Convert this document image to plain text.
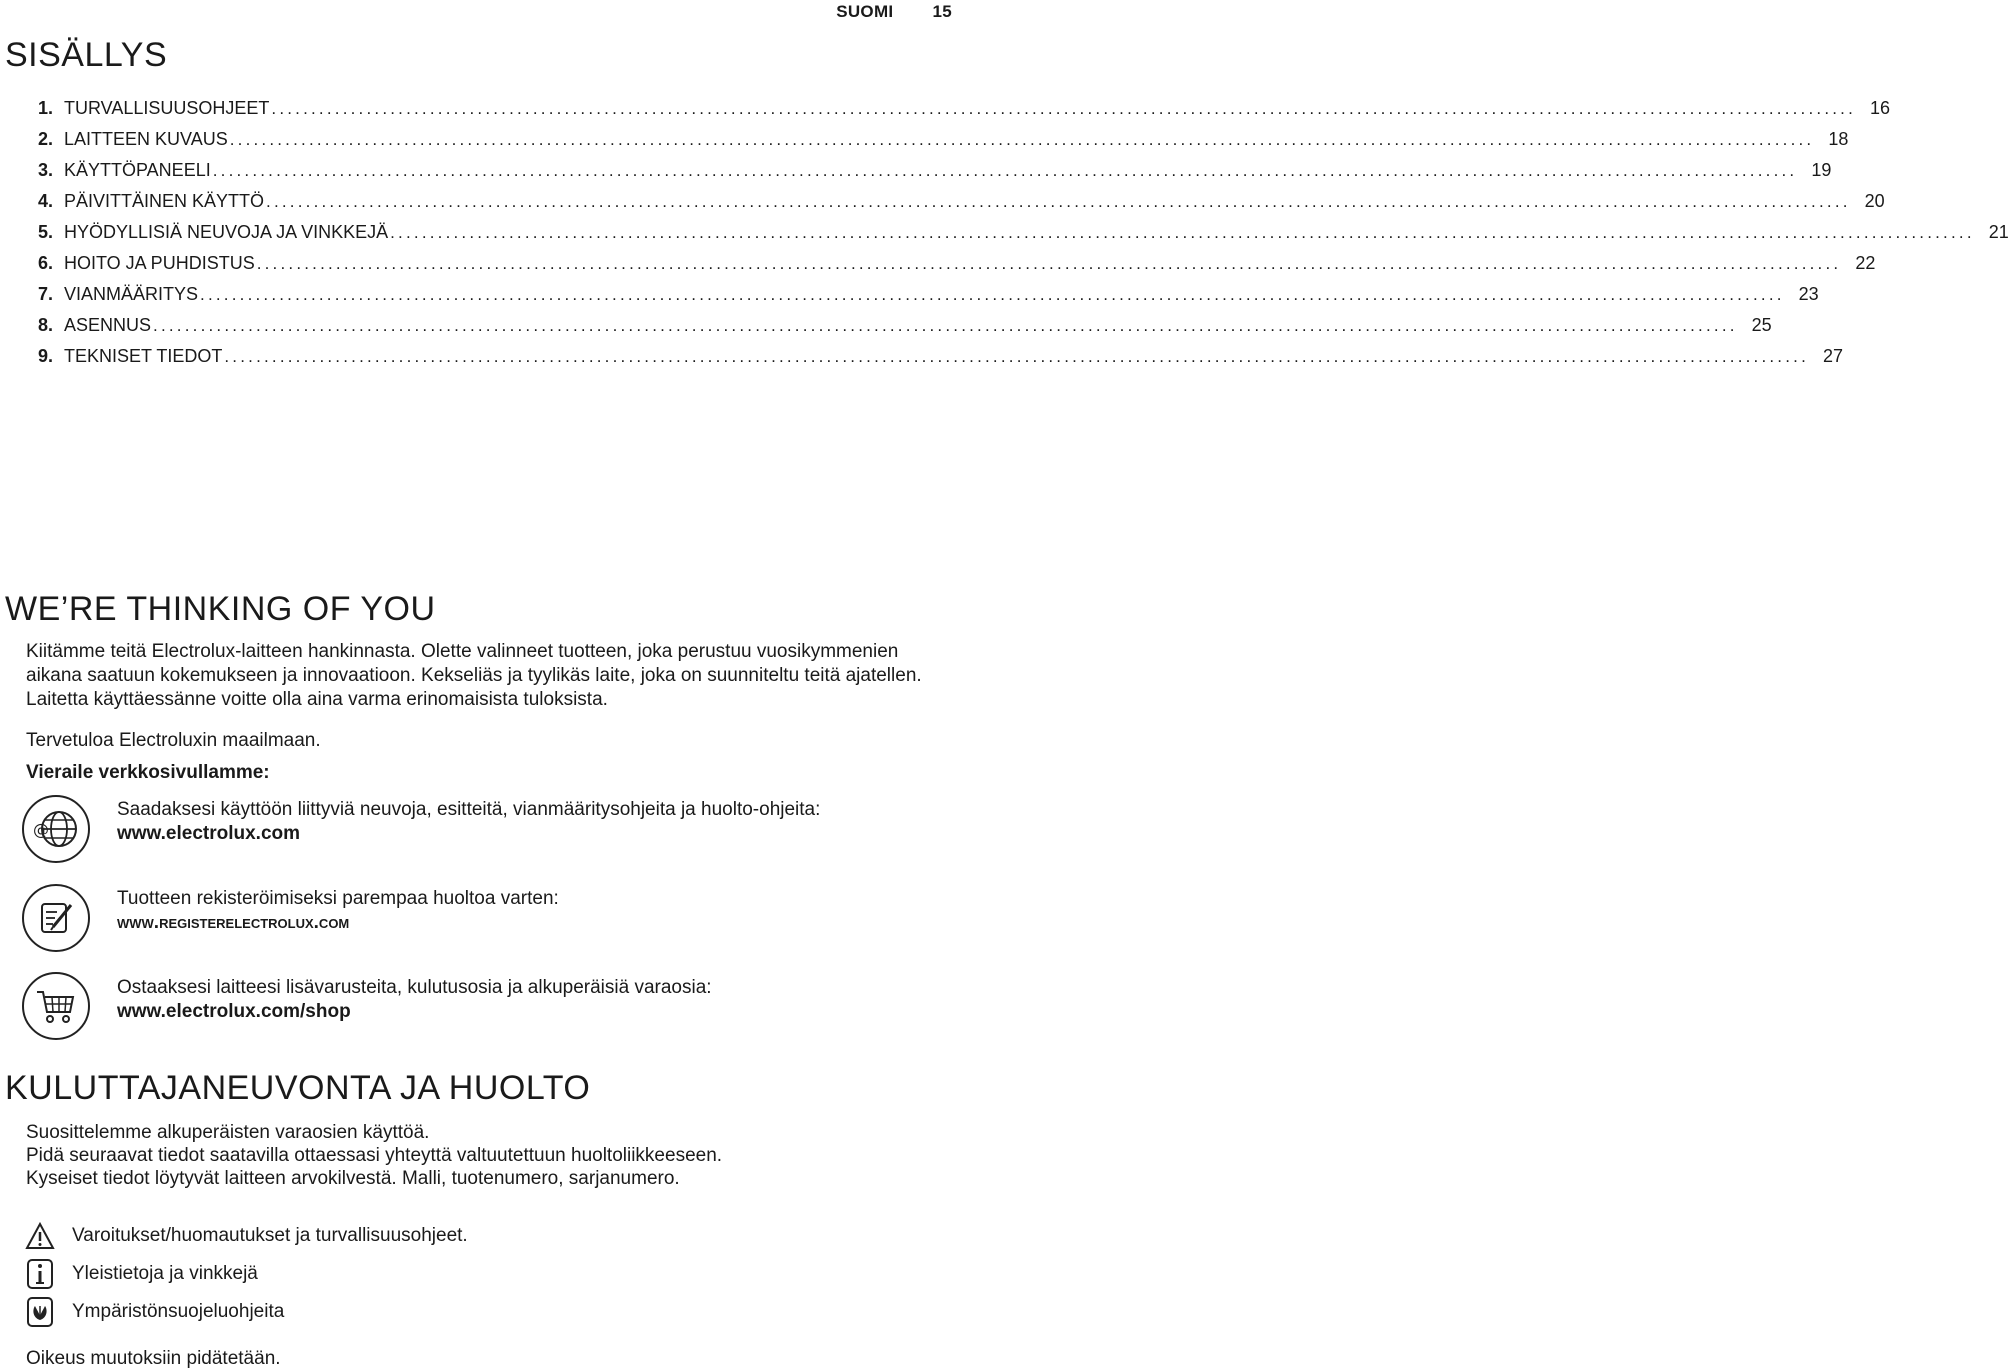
SUOMI 15
SISÄLLYS
1. TURVALLISUUSOHJEET ........................................................................................................................................................................................................ 16
2. LAITTEEN KUVAUS ........................................................................................................................................................................................................ 18
3. KÄYTTÖPANEELI ........................................................................................................................................................................................................ 19
4. PÄIVITTÄINEN KÄYTTÖ ........................................................................................................................................................................................................ 20
5. HYÖDYLLISIÄ NEUVOJA JA VINKKEJÄ ........................................................................................................................................................................................................ 21
6. HOITO JA PUHDISTUS ........................................................................................................................................................................................................ 22
7. VIANMÄÄRITYS ........................................................................................................................................................................................................ 23
8. ASENNUS ........................................................................................................................................................................................................ 25
9. TEKNISET TIEDOT ........................................................................................................................................................................................................ 27
WE’RE THINKING OF YOU
Kiitämme teitä Electrolux-laitteen hankinnasta. Olette valinneet tuotteen, joka perustuu vuosikymmenien aikana saatuun kokemukseen ja innovaatioon. Kekseliäs ja tyylikäs laite, joka on suunniteltu teitä ajatellen. Laitetta käyttäessänne voitte olla aina varma erinomaisista tuloksista.
Tervetuloa Electroluxin maailmaan.
Vieraile verkkosivullamme:
@
Saadaksesi käyttöön liittyviä neuvoja, esitteitä, vianmääritysohjeita ja huolto-ohjeita:
www.electrolux.com
Tuotteen rekisteröimiseksi parempaa huoltoa varten:
www.registerelectrolux.com
Ostaaksesi laitteesi lisävarusteita, kulutusosia ja alkuperäisiä varaosia:
www.electrolux.com/shop
KULUTTAJANEUVONTA JA HUOLTO
Suosittelemme alkuperäisten varaosien käyttöä.
Pidä seuraavat tiedot saatavilla ottaessasi yhteyttä valtuutettuun huoltoliikkeeseen.
Kyseiset tiedot löytyvät laitteen arvokilvestä. Malli, tuotenumero, sarjanumero.
Varoitukset/huomautukset ja turvallisuusohjeet.
Yleistietoja ja vinkkejä
Ympäristönsuojeluohjeita
Oikeus muutoksiin pidätetään.
